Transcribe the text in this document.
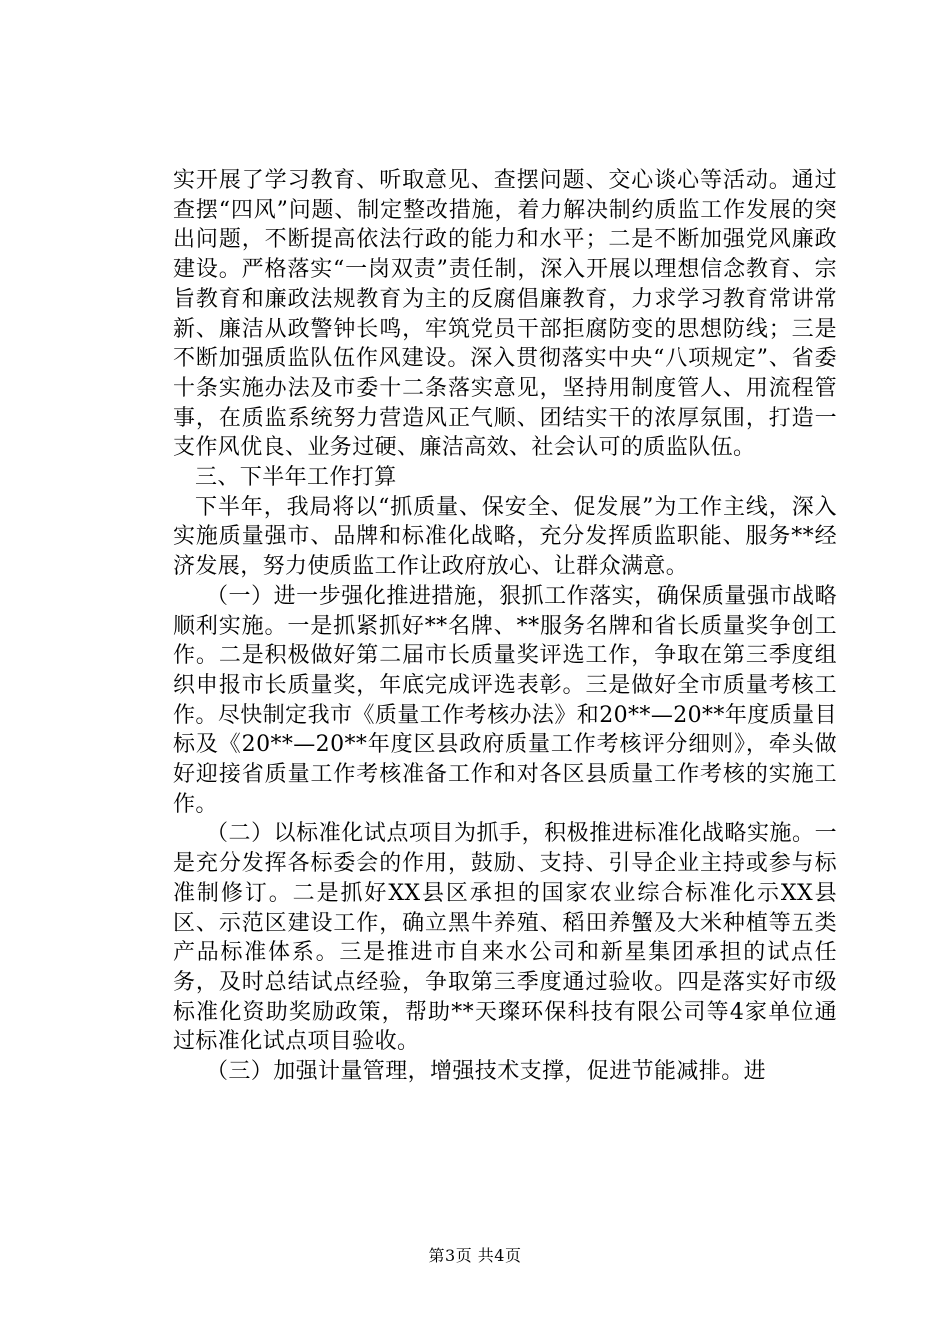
实开展了学习教育、听取意见、查摆问题、交心谈心等活动。通过查摆“四风”问题、制定整改措施，着力解决制约质监工作发展的突出问题，不断提高依法行政的能力和水平；二是不断加强党风廉政建设。严格落实“一岗双责”责任制，深入开展以理想信念教育、宗旨教育和廉政法规教育为主的反腐倡廉教育，力求学习教育常讲常新、廉洁从政警钟长鸣，牢筑党员干部拒腐防变的思想防线；三是不断加强质监队伍作风建设。深入贯彻落实中央“八项规定”、省委十条实施办法及市委十二条落实意见，坚持用制度管人、用流程管事，在质监系统努力营造风正气顺、团结实干的浓厚氛围，打造一支作风优良、业务过硬、廉洁高效、社会认可的质监队伍。

三、下半年工作打算

下半年，我局将以“抓质量、保安全、促发展”为工作主线，深入实施质量强市、品牌和标准化战略，充分发挥质监职能、服务**经济发展，努力使质监工作让政府放心、让群众满意。

（一）进一步强化推进措施，狠抓工作落实，确保质量强市战略顺利实施。一是抓紧抓好**名牌、**服务名牌和省长质量奖争创工作。二是积极做好第二届市长质量奖评选工作，争取在第三季度组织申报市长质量奖，年底完成评选表彰。三是做好全市质量考核工作。尽快制定我市《质量工作考核办法》和20**—20**年度质量目标及《20**—20**年度区县政府质量工作考核评分细则》，牵头做好迎接省质量工作考核准备工作和对各区县质量工作考核的实施工作。

（二）以标准化试点项目为抓手，积极推进标准化战略实施。一是充分发挥各标委会的作用，鼓励、支持、引导企业主持或参与标准制修订。二是抓好XX县区承担的国家农业综合标准化示XX县区、示范区建设工作，确立黑牛养殖、稻田养蟹及大米种植等五类产品标准体系。三是推进市自来水公司和新星集团承担的试点任务，及时总结试点经验，争取第三季度通过验收。四是落实好市级标准化资助奖励政策，帮助**天璨环保科技有限公司等4家单位通过标准化试点项目验收。

（三）加强计量管理，增强技术支撑，促进节能减排。进

第3页 共4页
